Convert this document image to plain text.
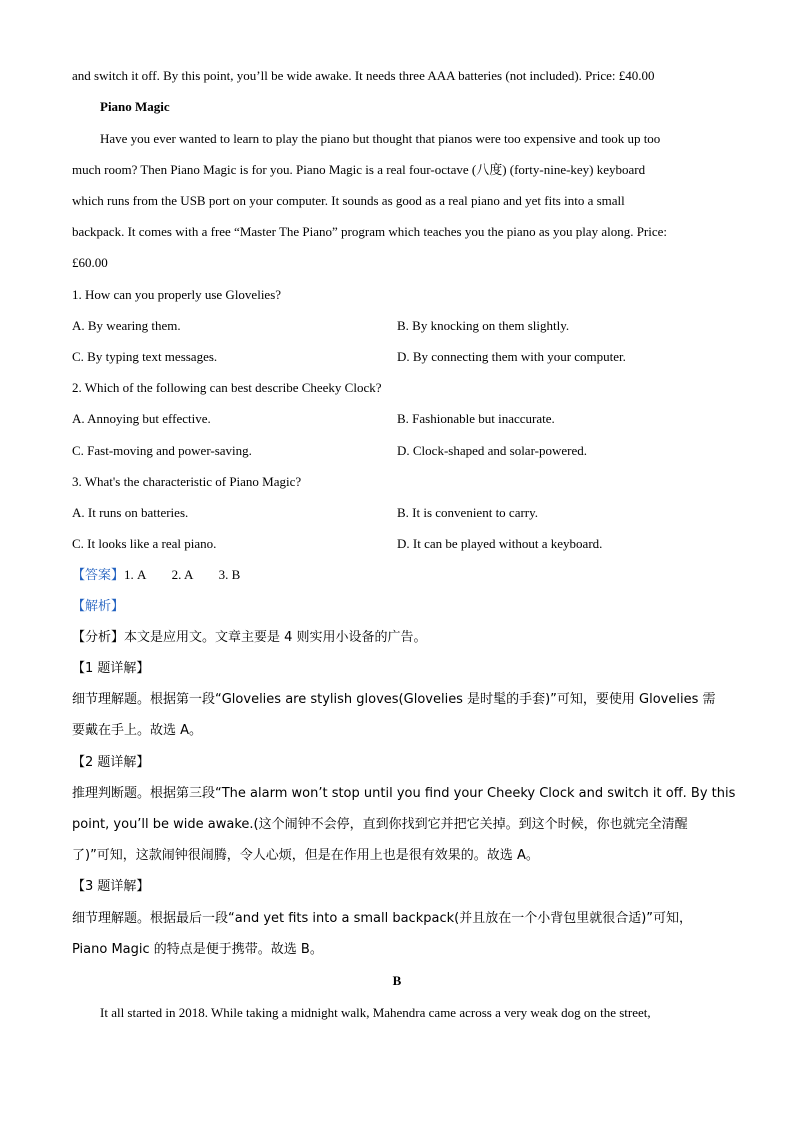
and switch it off. By this point, you’ll be wide awake. It needs three AAA batteries (not included). Price: £40.00
Piano Magic
Have you ever wanted to learn to play the piano but thought that pianos were too expensive and took up too
much room? Then Piano Magic is for you. Piano Magic is a real four-octave (八度) (forty-nine-key) keyboard
which runs from the USB port on your computer. It sounds as good as a real piano and yet fits into a small
backpack. It comes with a free “Master The Piano” program which teaches you the piano as you play along. Price:
£60.00
1. How can you properly use Glovelies?
A. By wearing them.	B. By knocking on them slightly.
C. By typing text messages.	D. By connecting them with your computer.
2. Which of the following can best describe Cheeky Clock?
A. Annoying but effective.	B. Fashionable but inaccurate.
C. Fast-moving and power-saving.	D. Clock-shaped and solar-powered.
3. What's the characteristic of Piano Magic?
A. It runs on batteries.	B. It is convenient to carry.
C. It looks like a real piano.	D. It can be played without a keyboard.
【答案】1. A        2. A        3. B
【解析】
【分析】本文是应用文。文章主要是 4 则实用小设备的广告。
【1 题详解】
细节理解题。根据第一段“Glovelies are stylish gloves(Glovelies 是时髦的手套)”可知，要使用 Glovelies 需
要戴在手上。故选 A。
【2 题详解】
推理判断题。根据第三段“The alarm won’t stop until you find your Cheeky Clock and switch it off. By this
point, you’ll be wide awake.(这个闹钟不会停，直到你找到它并把它关掉。到这个时候，你也就完全清醒
了)”可知，这款闹钟很闹腾，令人心烦，但是在作用上也是很有效果的。故选 A。
【3 题详解】
细节理解题。根据最后一段“and yet fits into a small backpack(并且放在一个小背包里就很合适)”可知，
Piano Magic 的特点是便于携带。故选 B。
B
It all started in 2018. While taking a midnight walk, Mahendra came across a very weak dog on the street,
